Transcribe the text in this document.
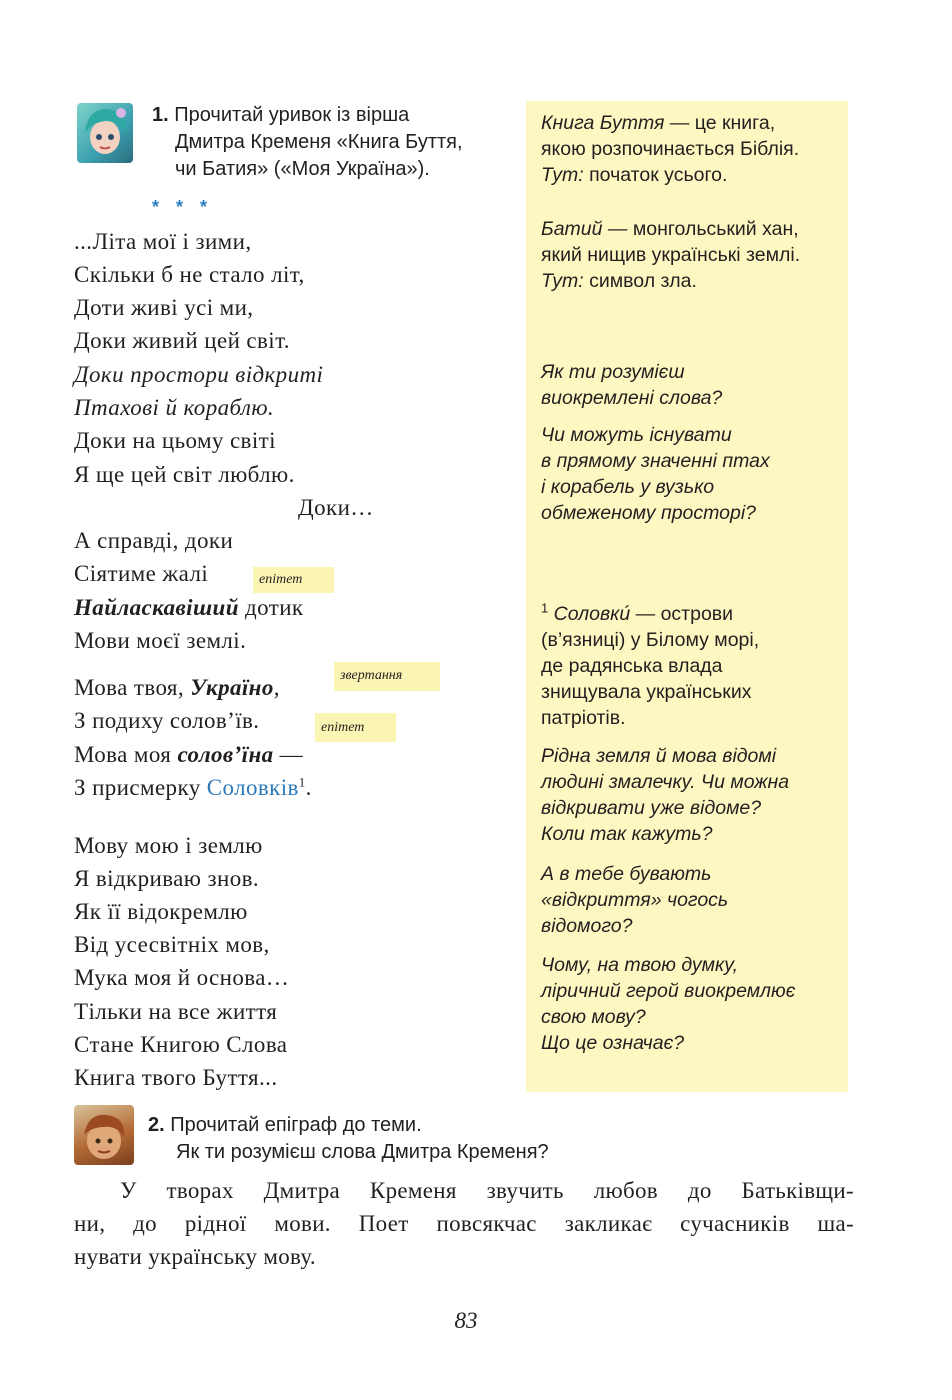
1. Прочитай уривок із вірша
Дмитра Кременя «Книга Буття,
чи Батия» («Моя Україна»).
* * *
...Літа мої і зими,
Скільки б не стало літ,
Доти живі усі ми,
Доки живий цей світ.
Доки простори відкриті
Птахові й кораблю.
Доки на цьому світі
Я ще цей світ люблю.
Доки…
А справді, доки
Сіятиме жалі
Найласкавіший дотик
Мови моєї землі.
Мова твоя, Україно,
З подиху солов’їв.
Мова моя солов’їна —
З присмерку Соловків$^1$.
Мову мою і землю
Я відкриваю знов.
Як її відокремлю
Від усесвітніх мов,
Мука моя й основа…
Тільки на все життя
Стане Книгою Слова
Книга твого Буття...
епітет
звертання
епітет
Книга Буття — це книга,
якою розпочинається Біблія.
Тут: початок усього.
Батий — монгольський хан,
який нищив українські землі.
Тут: символ зла.
Як ти розумієш
виокремлені слова?
Чи можуть існувати
в прямому значенні птах
і корабель у вузько
обмеженому просторі?
$^1$ Соловки́ — острови
(в’язниці) у Білому морі,
де радянська влада
знищувала українських
патріотів.
Рідна земля й мова відомі
людині змалечку. Чи можна
відкривати уже відоме?
Коли так кажуть?
А в тебе бувають
«відкриття» чогось
відомого?
Чому, на твою думку,
ліричний герой виокремлює
свою мову?
Що це означає?
2. Прочитай епіграф до теми.
Як ти розумієш слова Дмитра Кременя?
У творах Дмитра Кременя звучить любов до Батьківщи-
ни, до рідної мови. Поет повсякчас закликає сучасників ша-
нувати українську мову.
83
